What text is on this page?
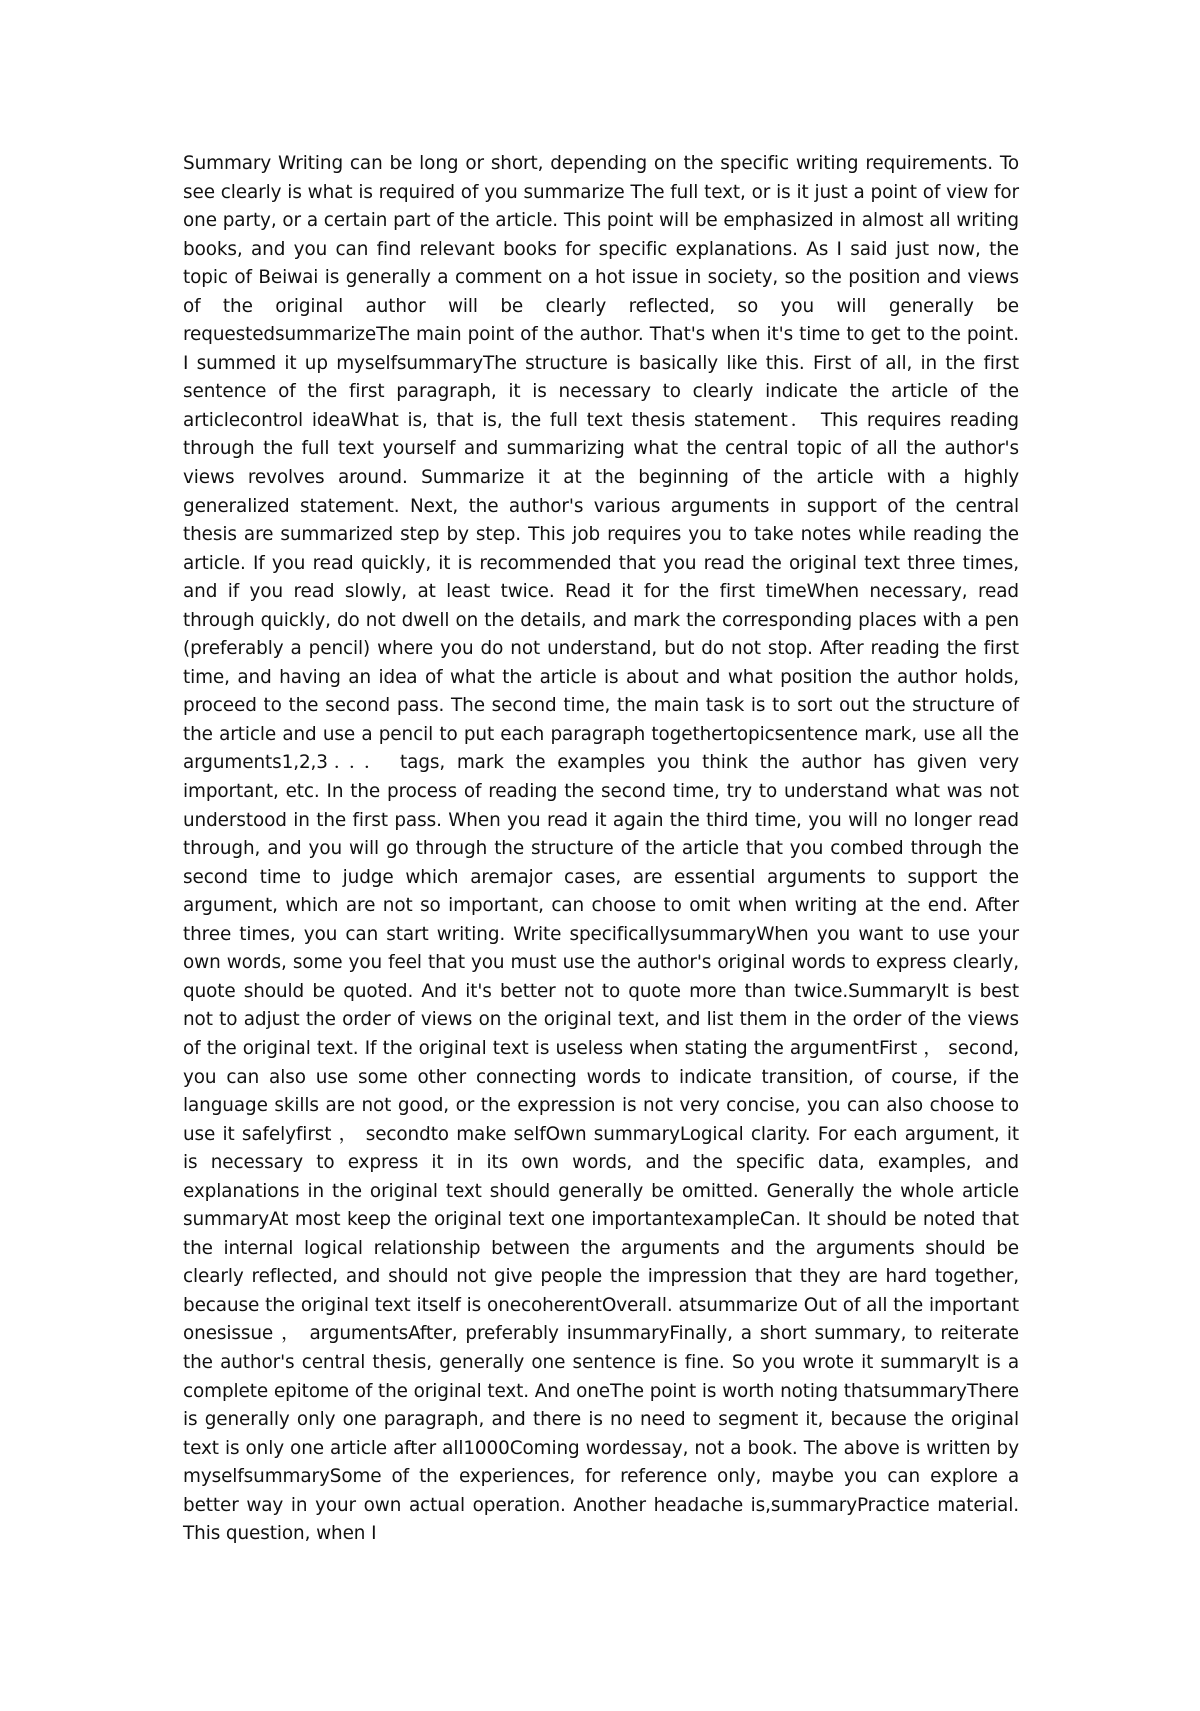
Summary Writing can be long or short, depending on the specific writing requirements. To see clearly is what is required of you summarize The full text, or is it just a point of view for one party, or a certain part of the article. This point will be emphasized in almost all writing books, and you can find relevant books for specific explanations. As I said just now, the topic of Beiwai is generally a comment on a hot issue in society, so the position and views of the original author will be clearly reflected, so you will generally be requestedsummarizeThe main point of the author. That's when it's time to get to the point. I summed it up myselfsummaryThe structure is basically like this. First of all, in the first sentence of the first paragraph, it is necessary to clearly indicate the article of the articlecontrol ideaWhat is, that is, the full text thesis statement． This requires reading through the full text yourself and summarizing what the central topic of all the author's views revolves around. Summarize it at the beginning of the article with a highly generalized statement. Next, the author's various arguments in support of the central thesis are summarized step by step. This job requires you to take notes while reading the article. If you read quickly, it is recommended that you read the original text three times, and if you read slowly, at least twice. Read it for the first timeWhen necessary, read through quickly, do not dwell on the details, and mark the corresponding places with a pen (preferably a pencil) where you do not understand, but do not stop. After reading the first time, and having an idea of what the article is about and what position the author holds, proceed to the second pass. The second time, the main task is to sort out the structure of the article and use a pencil to put each paragraph togethertopicsentence mark, use all the arguments1,2,3．．． tags, mark the examples you think the author has given very important, etc. In the process of reading the second time, try to understand what was not understood in the first pass. When you read it again the third time, you will no longer read through, and you will go through the structure of the article that you combed through the second time to judge which aremajor cases, are essential arguments to support the argument, which are not so important, can choose to omit when writing at the end. After three times, you can start writing. Write specificallysummaryWhen you want to use your own words, some you feel that you must use the author's original words to express clearly, quote should be quoted. And it's better not to quote more than twice.SummaryIt is best not to adjust the order of views on the original text, and list them in the order of the views of the original text. If the original text is useless when stating the argumentFirst ， second, you can also use some other connecting words to indicate transition, of course, if the language skills are not good, or the expression is not very concise, you can also choose to use it safelyfirst ， secondto make selfOwn summaryLogical clarity. For each argument, it is necessary to express it in its own words, and the specific data, examples, and explanations in the original text should generally be omitted. Generally the whole article summaryAt most keep the original text one importantexampleCan. It should be noted that the internal logical relationship between the arguments and the arguments should be clearly reflected, and should not give people the impression that they are hard together, because the original text itself is onecoherentOverall. atsummarize Out of all the important onesissue ， argumentsAfter, preferably insummaryFinally, a short summary, to reiterate the author's central thesis, generally one sentence is fine. So you wrote it summaryIt is a complete epitome of the original text. And oneThe point is worth noting thatsummaryThere is generally only one paragraph, and there is no need to segment it, because the original text is only one article after all1000Coming wordessay, not a book. The above is written by myselfsummarySome of the experiences, for reference only, maybe you can explore a better way in your own actual operation. Another headache is,summaryPractice material. This question, when I
